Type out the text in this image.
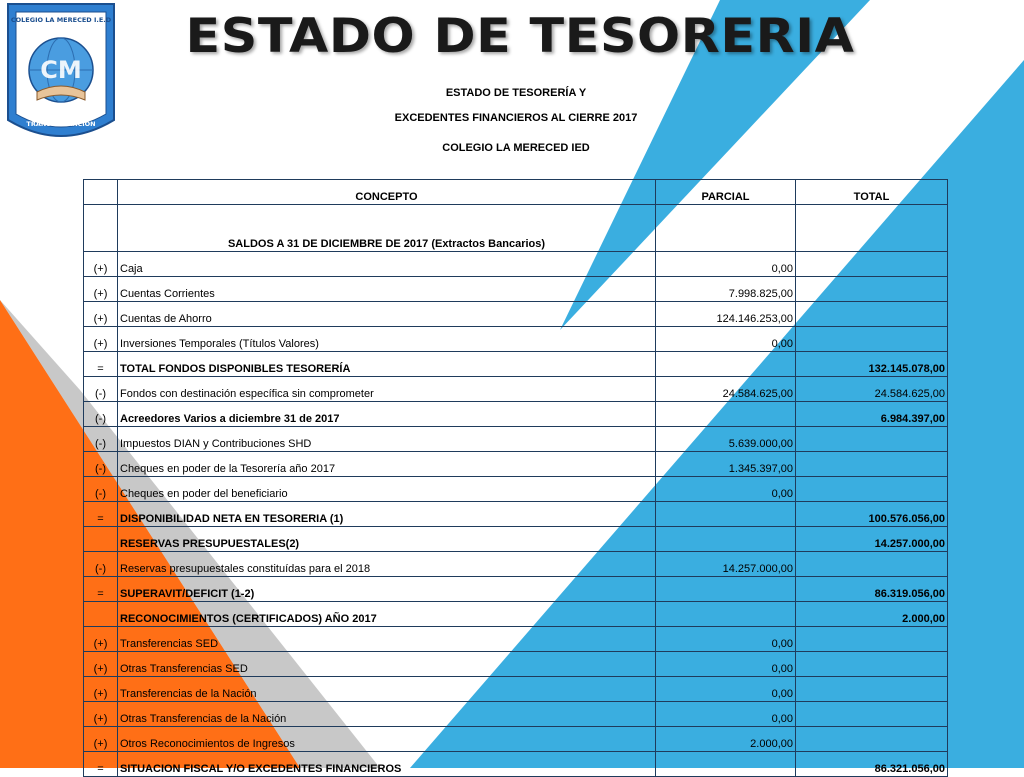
CM
COLEGIO LA MERECED I.E.D
TRANSFORMACIÓN
ESTADO DE TESORERIA
ESTADO DE TESORERÍA Y
EXCEDENTES FINANCIEROS AL CIERRE 2017
COLEGIO LA MERECED IED
	CONCEPTO	PARCIAL	TOTAL
	SALDOS A 31 DE DICIEMBRE DE 2017 (Extractos Bancarios)		
(+)	Caja	0,00	
(+)	Cuentas Corrientes	7.998.825,00	
(+)	Cuentas de Ahorro	124.146.253,00	
(+)	Inversiones Temporales (Títulos Valores)	0,00	
=	TOTAL FONDOS DISPONIBLES TESORERÍA		132.145.078,00
(-)	Fondos con destinación específica sin comprometer	24.584.625,00	24.584.625,00
(-)	Acreedores Varios a diciembre 31 de 2017		6.984.397,00
(-)	Impuestos DIAN y Contribuciones SHD	5.639.000,00	
(-)	Cheques en poder de la Tesorería año 2017	1.345.397,00	
(-)	Cheques en poder del beneficiario	0,00	
=	DISPONIBILIDAD NETA EN TESORERIA (1)		100.576.056,00
	RESERVAS PRESUPUESTALES(2)		14.257.000,00
(-)	Reservas presupuestales constituídas para el 2018	14.257.000,00	
=	SUPERAVIT/DEFICIT (1-2)		86.319.056,00
	RECONOCIMIENTOS (CERTIFICADOS) AÑO 2017		2.000,00
(+)	Transferencias SED	0,00	
(+)	Otras Transferencias SED	0,00	
(+)	Transferencias de la Nación	0,00	
(+)	Otras Transferencias de la Nación	0,00	
(+)	Otros Reconocimientos de Ingresos	2.000,00	
=	SITUACION FISCAL Y/O EXCEDENTES FINANCIEROS		86.321.056,00
